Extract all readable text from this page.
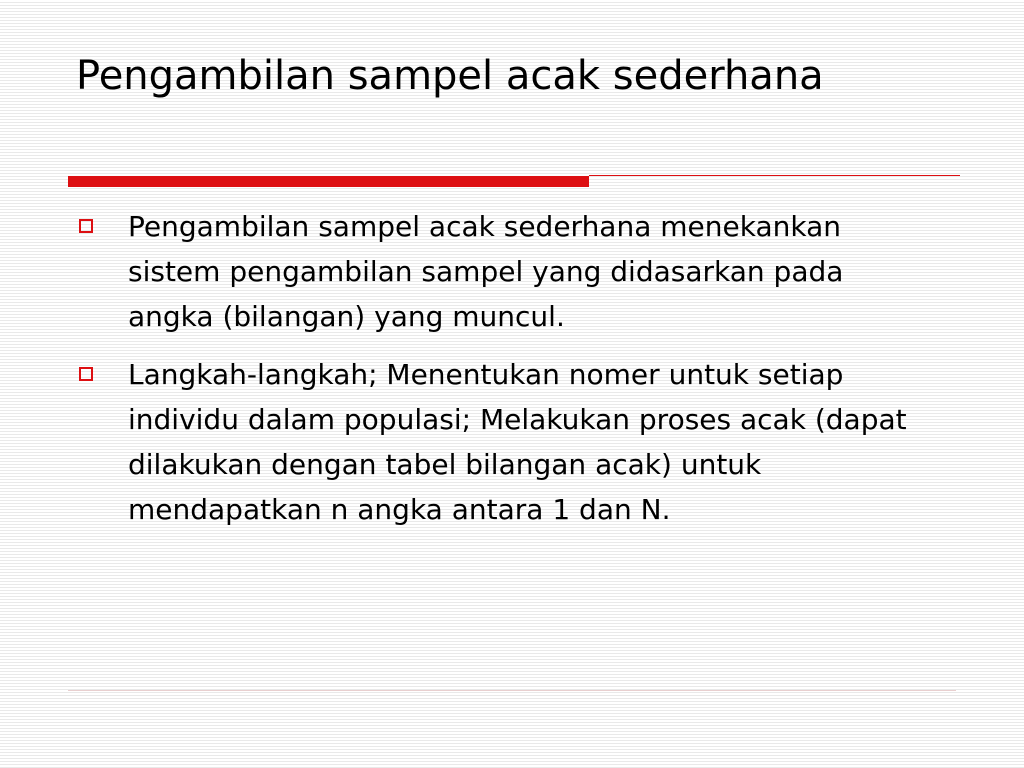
Pengambilan sampel acak sederhana
Pengambilan sampel acak sederhana menekankan sistem pengambilan sampel yang didasarkan pada angka (bilangan) yang muncul.
Langkah-langkah; Menentukan nomer untuk setiap individu dalam populasi; Melakukan proses acak (dapat dilakukan dengan tabel bilangan acak) untuk mendapatkan n angka antara 1 dan N.
